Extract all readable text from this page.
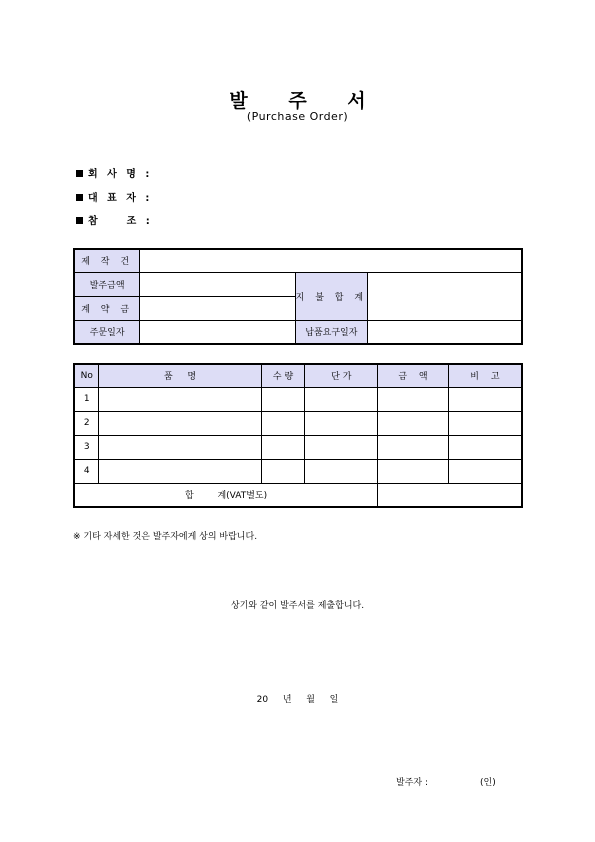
발 주 서
(Purchase Order)
회 사 명 :
대 표 자 :
참 　 조 :
제 작 건			
발주금액		지 불 합 계	
계 약 금			
주문일자		납품요구일자	
No	품 　 명	수 량	단 가	금 　액	비 　고
1					
2					
3					
4					
합 　 　계(VAT별도)					
※ 기타 자세한 것은 발주자에게 상의 바랍니다.
상기와 같이 발주서를 제출합니다.
20 　 년 　 월 　 일
발주자 :	(인)
